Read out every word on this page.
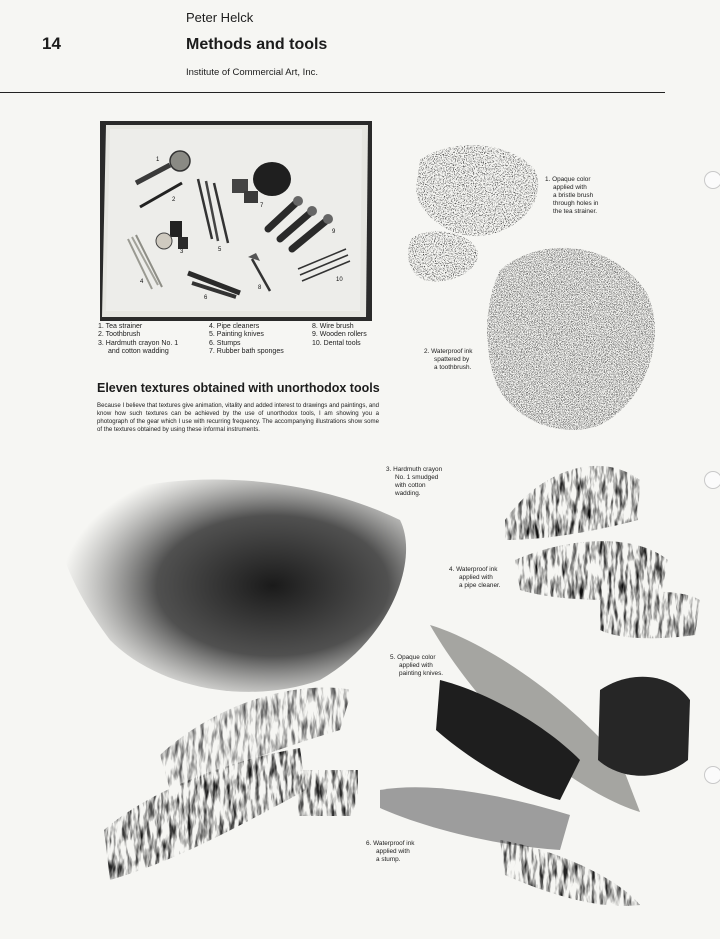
Peter Helck
14	Methods and tools
Institute of Commercial Art, Inc.
2
3
4
5
6
7
8
9
10
1
1. Tea strainer
2. Toothbrush
3. Hardmuth crayon No. 1
and cotton wadding
4. Pipe cleaners
5. Painting knives
6. Stumps
7. Rubber bath sponges
8. Wire brush
9. Wooden rollers
10. Dental tools
Eleven textures obtained with unorthodox tools
Because I believe that textures give animation, vitality and added interest to drawings and paintings, and know how such textures can be achieved by the use of unorthodox tools, I am showing you a photograph of the gear which I use with recurring frequency. The accompanying illustrations show some of the textures obtained by using these informal instruments.
1. Opaque color
applied with
a bristle brush
through holes in
the tea strainer.
2. Waterproof ink
spattered by
a toothbrush.
3. Hardmuth crayon
No. 1 smudged
with cotton
wadding.
4. Waterproof ink
applied with
a pipe cleaner.
5. Opaque color
applied with
painting knives.
6. Waterproof ink
applied with
a stump.
